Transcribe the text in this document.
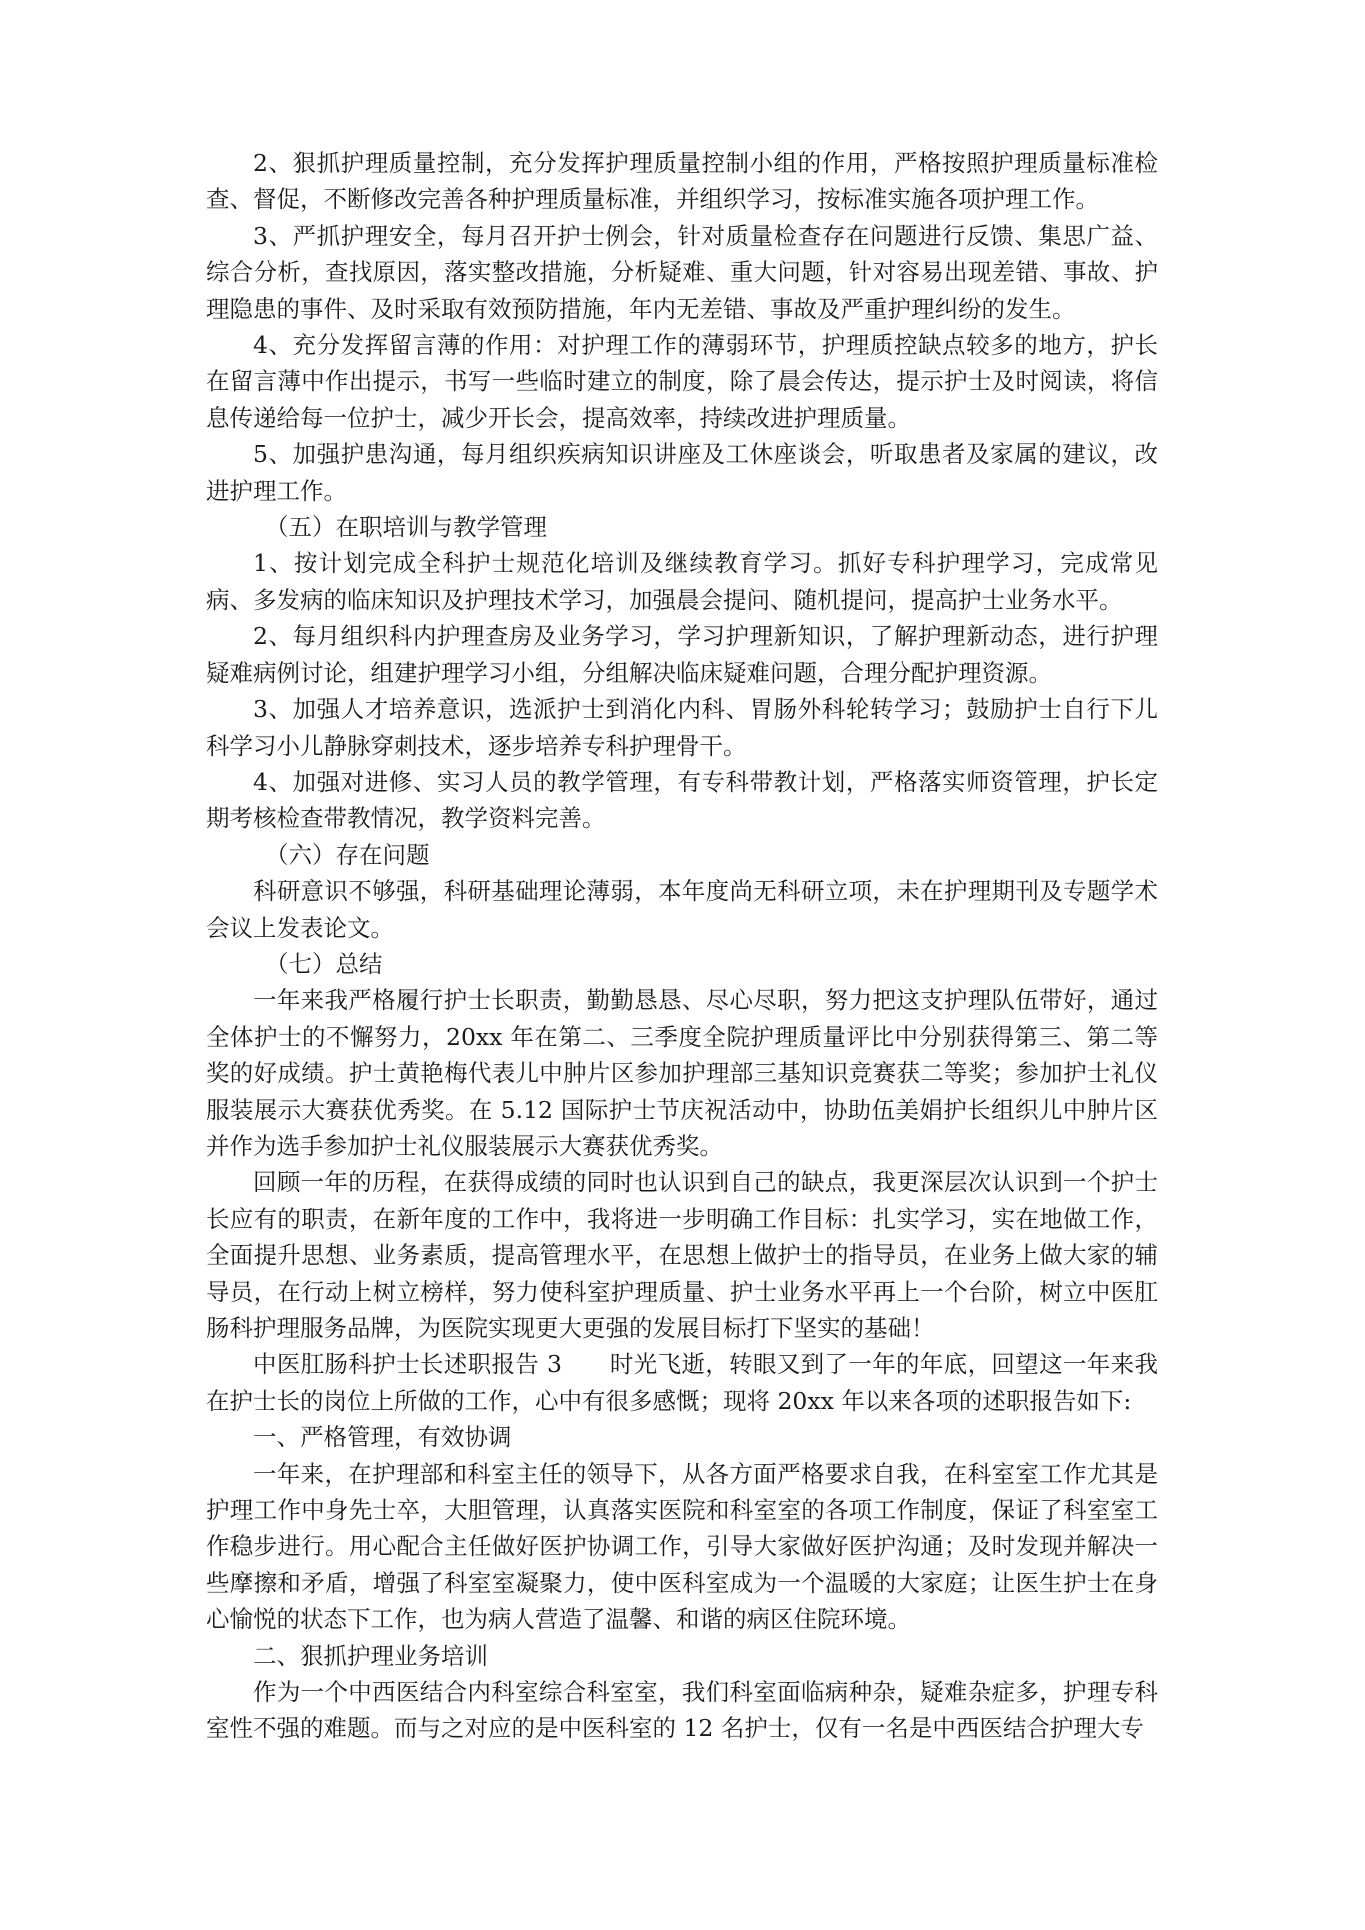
2、狠抓护理质量控制，充分发挥护理质量控制小组的作用，严格按照护理质量标准检查、督促，不断修改完善各种护理质量标准，并组织学习，按标准实施各项护理工作。

3、严抓护理安全，每月召开护士例会，针对质量检查存在问题进行反馈、集思广益、综合分析，查找原因，落实整改措施，分析疑难、重大问题，针对容易出现差错、事故、护理隐患的事件、及时采取有效预防措施，年内无差错、事故及严重护理纠纷的发生。

4、充分发挥留言薄的作用：对护理工作的薄弱环节，护理质控缺点较多的地方，护长在留言薄中作出提示，书写一些临时建立的制度，除了晨会传达，提示护士及时阅读，将信息传递给每一位护士，减少开长会，提高效率，持续改进护理质量。

5、加强护患沟通，每月组织疾病知识讲座及工休座谈会，听取患者及家属的建议，改进护理工作。

（五）在职培训与教学管理

1、按计划完成全科护士规范化培训及继续教育学习。抓好专科护理学习，完成常见病、多发病的临床知识及护理技术学习，加强晨会提问、随机提问，提高护士业务水平。

2、每月组织科内护理查房及业务学习，学习护理新知识，了解护理新动态，进行护理疑难病例讨论，组建护理学习小组，分组解决临床疑难问题，合理分配护理资源。

3、加强人才培养意识，选派护士到消化内科、胃肠外科轮转学习；鼓励护士自行下儿科学习小儿静脉穿刺技术，逐步培养专科护理骨干。

4、加强对进修、实习人员的教学管理，有专科带教计划，严格落实师资管理，护长定期考核检查带教情况，教学资料完善。

（六）存在问题

科研意识不够强，科研基础理论薄弱，本年度尚无科研立项，未在护理期刊及专题学术会议上发表论文。

（七）总结

一年来我严格履行护士长职责，勤勤恳恳、尽心尽职，努力把这支护理队伍带好，通过全体护士的不懈努力，20xx 年在第二、三季度全院护理质量评比中分别获得第三、第二等奖的好成绩。护士黄艳梅代表儿中肿片区参加护理部三基知识竞赛获二等奖；参加护士礼仪服装展示大赛获优秀奖。在 5.12 国际护士节庆祝活动中，协助伍美娟护长组织儿中肿片区并作为选手参加护士礼仪服装展示大赛获优秀奖。

回顾一年的历程，在获得成绩的同时也认识到自己的缺点，我更深层次认识到一个护士长应有的职责，在新年度的工作中，我将进一步明确工作目标：扎实学习，实在地做工作，全面提升思想、业务素质，提高管理水平，在思想上做护士的指导员，在业务上做大家的辅导员，在行动上树立榜样，努力使科室护理质量、护士业务水平再上一个台阶，树立中医肛肠科护理服务品牌，为医院实现更大更强的发展目标打下坚实的基础！

中医肛肠科护士长述职报告 3　　时光飞逝，转眼又到了一年的年底，回望这一年来我在护士长的岗位上所做的工作，心中有很多感慨；现将 20xx 年以来各项的述职报告如下:

一、严格管理，有效协调

一年来，在护理部和科室主任的领导下，从各方面严格要求自我，在科室室工作尤其是护理工作中身先士卒，大胆管理，认真落实医院和科室室的各项工作制度，保证了科室室工作稳步进行。用心配合主任做好医护协调工作，引导大家做好医护沟通；及时发现并解决一些摩擦和矛盾，增强了科室室凝聚力，使中医科室成为一个温暖的大家庭；让医生护士在身心愉悦的状态下工作，也为病人营造了温馨、和谐的病区住院环境。

二、狠抓护理业务培训

作为一个中西医结合内科室综合科室室，我们科室面临病种杂，疑难杂症多，护理专科室性不强的难题。而与之对应的是中医科室的 12 名护士，仅有一名是中西医结合护理大专
